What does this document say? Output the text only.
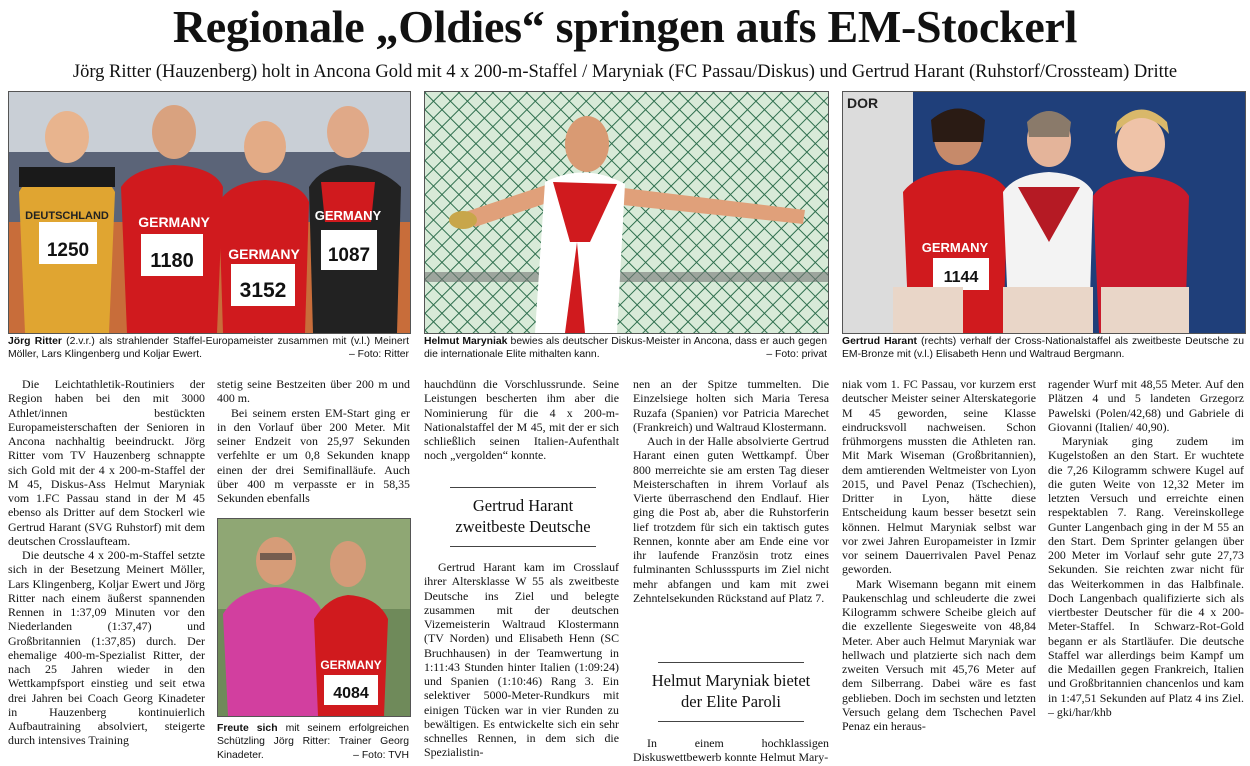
Regionale „Oldies“ springen aufs EM-Stockerl
Jörg Ritter (Hauzenberg) holt in Ancona Gold mit 4 x 200-m-Staffel / Maryniak (FC Passau/Diskus) und Gertrud Harant (Ruhstorf/Crossteam) Dritte
DEUTSCHLAND
1250
GERMANY
1180 GERMANY
3152
GERMANY
1087
Jörg Ritter (2.v.r.) als strahlender Staffel-Europameister zusammen mit (v.l.) Meinert Möller, Lars Klingenberg und Koljar Ewert.	– Foto: Ritter
Helmut Maryniak bewies als deutscher Diskus-Meister in Ancona, dass er auch gegen die internationale Elite mithalten kann.	– Foto: privat
DOR
GERMANY
1144
Gertrud Harant (rechts) verhalf der Cross-Nationalstaffel als zweitbeste Deutsche zu EM-Bronze mit (v.l.) Elisabeth Henn und Waltraud Bergmann.

Die Leichtathletik-Routiniers der Region haben bei den mit 3000 Athlet/innen bestückten Europameisterschaften der Senioren in Ancona nachhaltig beeindruckt. Jörg Ritter vom TV Hauzenberg schnappte sich Gold mit der 4 x 200-m-Staffel der M 45, Diskus-Ass Helmut Maryniak vom 1.FC Passau stand in der M 45 ebenso als Dritter auf dem Stockerl wie Gertrud Harant (SVG Ruhstorf) mit dem deutschen Crosslaufteam.

Die deutsche 4 x 200-m-Staffel setzte sich in der Besetzung Meinert Möller, Lars Klingenberg, Koljar Ewert und Jörg Ritter nach einem äußerst spannenden Rennen in 1:37,09 Minuten vor den Niederlanden (1:37,47) und Großbritannien (1:37,85) durch. Der ehemalige 400-m-Spezialist Ritter, der nach 25 Jahren wieder in den Wettkampfsport einstieg und seit etwa drei Jahren bei Coach Georg Kinadeter in Hauzenberg kontinuierlich Aufbautraining absolviert, steigerte durch intensives Training

stetig seine Bestzeiten über 200 m und 400 m.

Bei seinem ersten EM-Start ging er in den Vorlauf über 200 Meter. Mit seiner Endzeit von 25,97 Sekunden verfehlte er um 0,8 Sekunden knapp einen der drei Semifinalläufe. Auch über 400 m verpasste er in 58,35 Sekunden ebenfalls

GERMANY
4084
Freute sich mit seinem erfolgreichen Schützling Jörg Ritter: Trainer Georg Kinadeter.	– Foto: TVH

hauchdünn die Vorschlussrunde. Seine Leistungen bescherten ihm aber die Nominierung für die 4 x 200-m-Nationalstaffel der M 45, mit der er sich schließlich seinen Italien-Aufenthalt noch „vergolden“ konnte.

Gertrud Harant zweitbeste Deutsche

Gertrud Harant kam im Crosslauf ihrer Altersklasse W 55 als zweitbeste Deutsche ins Ziel und belegte zusammen mit der deutschen Vizemeisterin Waltraud Klostermann (TV Norden) und Elisabeth Henn (SC Bruchhausen) in der Teamwertung in 1:11:43 Stunden hinter Italien (1:09:24) und Spanien (1:10:46) Rang 3. Ein selektiver 5000-Meter-Rundkurs mit einigen Tücken war in vier Runden zu bewältigen. Es entwickelte sich ein sehr schnelles Rennen, in dem sich die Spezialistin-

nen an der Spitze tummelten. Die Einzelsiege holten sich Maria Teresa Ruzafa (Spanien) vor Patricia Marechet (Frankreich) und Waltraud Klostermann.

Auch in der Halle absolvierte Gertrud Harant einen guten Wettkampf. Über 800 merreichte sie am ersten Tag dieser Meisterschaften in ihrem Vorlauf als Vierte überraschend den Endlauf. Hier ging die Post ab, aber die Ruhstorferin lief trotzdem für sich ein taktisch gutes Rennen, konnte aber am Ende eine vor ihr laufende Französin trotz eines fulminanten Schlussspurts im Ziel nicht mehr abfangen und kam mit zwei Zehntelsekunden Rückstand auf Platz 7.

Helmut Maryniak bietet der Elite Paroli

In einem hochklassigen Diskuswettbewerb konnte Helmut Mary-

niak vom 1. FC Passau, vor kurzem erst deutscher Meister seiner Alterskategorie M 45 geworden, seine Klasse eindrucksvoll nachweisen. Schon frühmorgens mussten die Athleten ran. Mit Mark Wiseman (Großbritannien), dem amtierenden Weltmeister von Lyon 2015, und Pavel Penaz (Tschechien), Dritter in Lyon, hätte diese Entscheidung kaum besser besetzt sein können. Helmut Maryniak selbst war vor zwei Jahren Europameister in Izmir vor seinem Dauerrivalen Pavel Penaz geworden.

Mark Wisemann begann mit einem Paukenschlag und schleuderte die zwei Kilogramm schwere Scheibe gleich auf die exzellente Siegesweite von 48,84 Meter. Aber auch Helmut Maryniak war hellwach und platzierte sich nach dem zweiten Versuch mit 45,76 Meter auf dem Silberrang. Dabei wäre es fast geblieben. Doch im sechsten und letzten Versuch gelang dem Tschechen Pavel Penaz ein heraus-

ragender Wurf mit 48,55 Meter. Auf den Plätzen 4 und 5 landeten Grzegorz Pawelski (Polen/42,68) und Gabriele di Giovanni (Italien/ 40,90).

Maryniak ging zudem im Kugelstoßen an den Start. Er wuchtete die 7,26 Kilogramm schwere Kugel auf die guten Weite von 12,32 Meter im letzten Versuch und erreichte einen respektablen 7. Rang. Vereinskollege Gunter Langenbach ging in der M 55 an den Start. Dem Sprinter gelangen über 200 Meter im Vorlauf sehr gute 27,73 Sekunden. Sie reichten zwar nicht für das Weiterkommen in das Halbfinale. Doch Langenbach qualifizierte sich als viertbester Deutscher für die 4 x 200-Meter-Staffel. In Schwarz-Rot-Gold begann er als Startläufer. Die deutsche Staffel war allerdings beim Kampf um die Medaillen gegen Frankreich, Italien und Großbritannien chancenlos und kam in 1:47,51 Sekunden auf Platz 4 ins Ziel. – gki/har/khb
